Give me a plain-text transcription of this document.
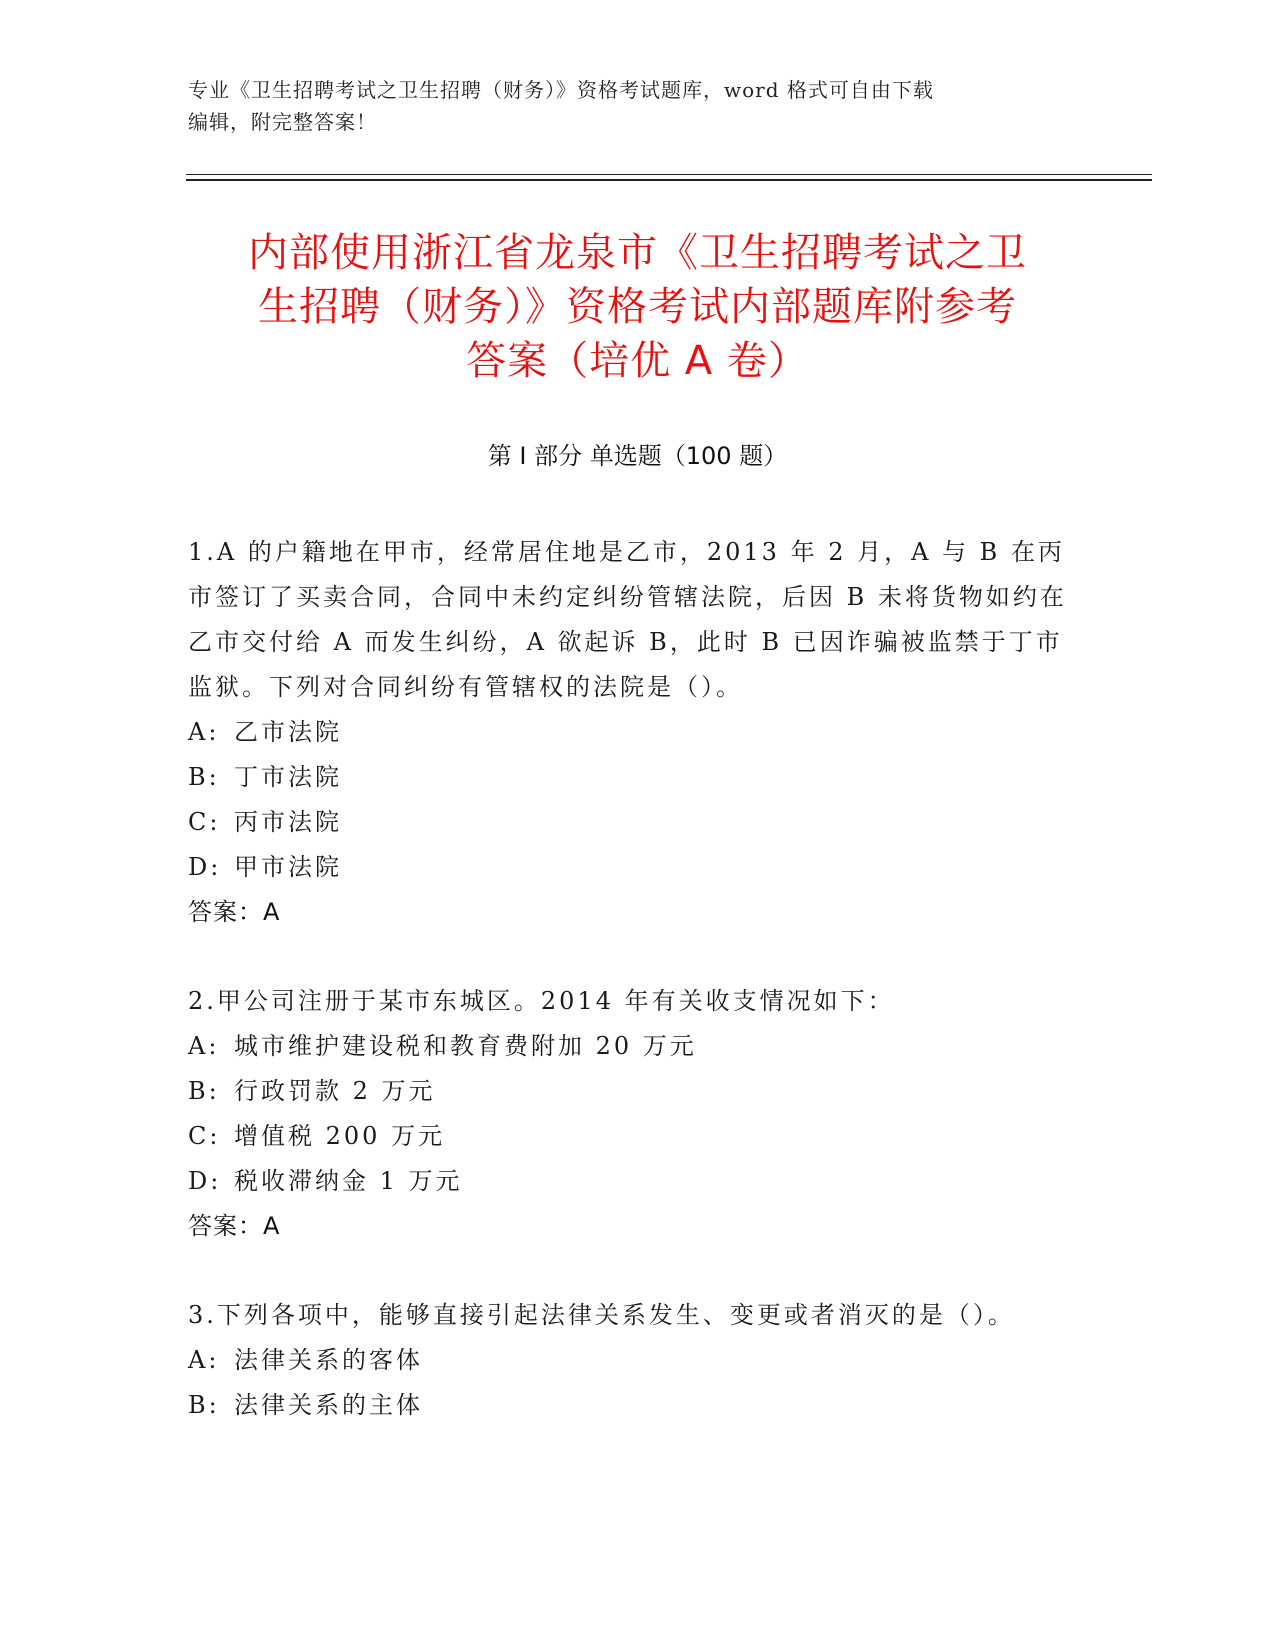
专业《卫生招聘考试之卫生招聘（财务）》资格考试题库，word 格式可自由下载
编辑，附完整答案！
内部使用浙江省龙泉市《卫生招聘考试之卫
生招聘（财务）》资格考试内部题库附参考
答案（培优 A 卷）
第 I 部分 单选题（100 题）

1.A 的户籍地在甲市，经常居住地是乙市，2013 年 2 月，A 与 B 在丙市签订了买卖合同，合同中未约定纠纷管辖法院，后因 B 未将货物如约在乙市交付给 A 而发生纠纷，A 欲起诉 B，此时 B 已因诈骗被监禁于丁市监狱。下列对合同纠纷有管辖权的法院是（）。

A: 乙市法院
B: 丁市法院
C: 丙市法院
D: 甲市法院
答案：A

2.甲公司注册于某市东城区。2014 年有关收支情况如下：

A: 城市维护建设税和教育费附加 20 万元
B: 行政罚款 2 万元
C: 增值税 200 万元
D: 税收滞纳金 1 万元
答案：A

3.下列各项中，能够直接引起法律关系发生、变更或者消灭的是（）。

A: 法律关系的客体
B: 法律关系的主体
